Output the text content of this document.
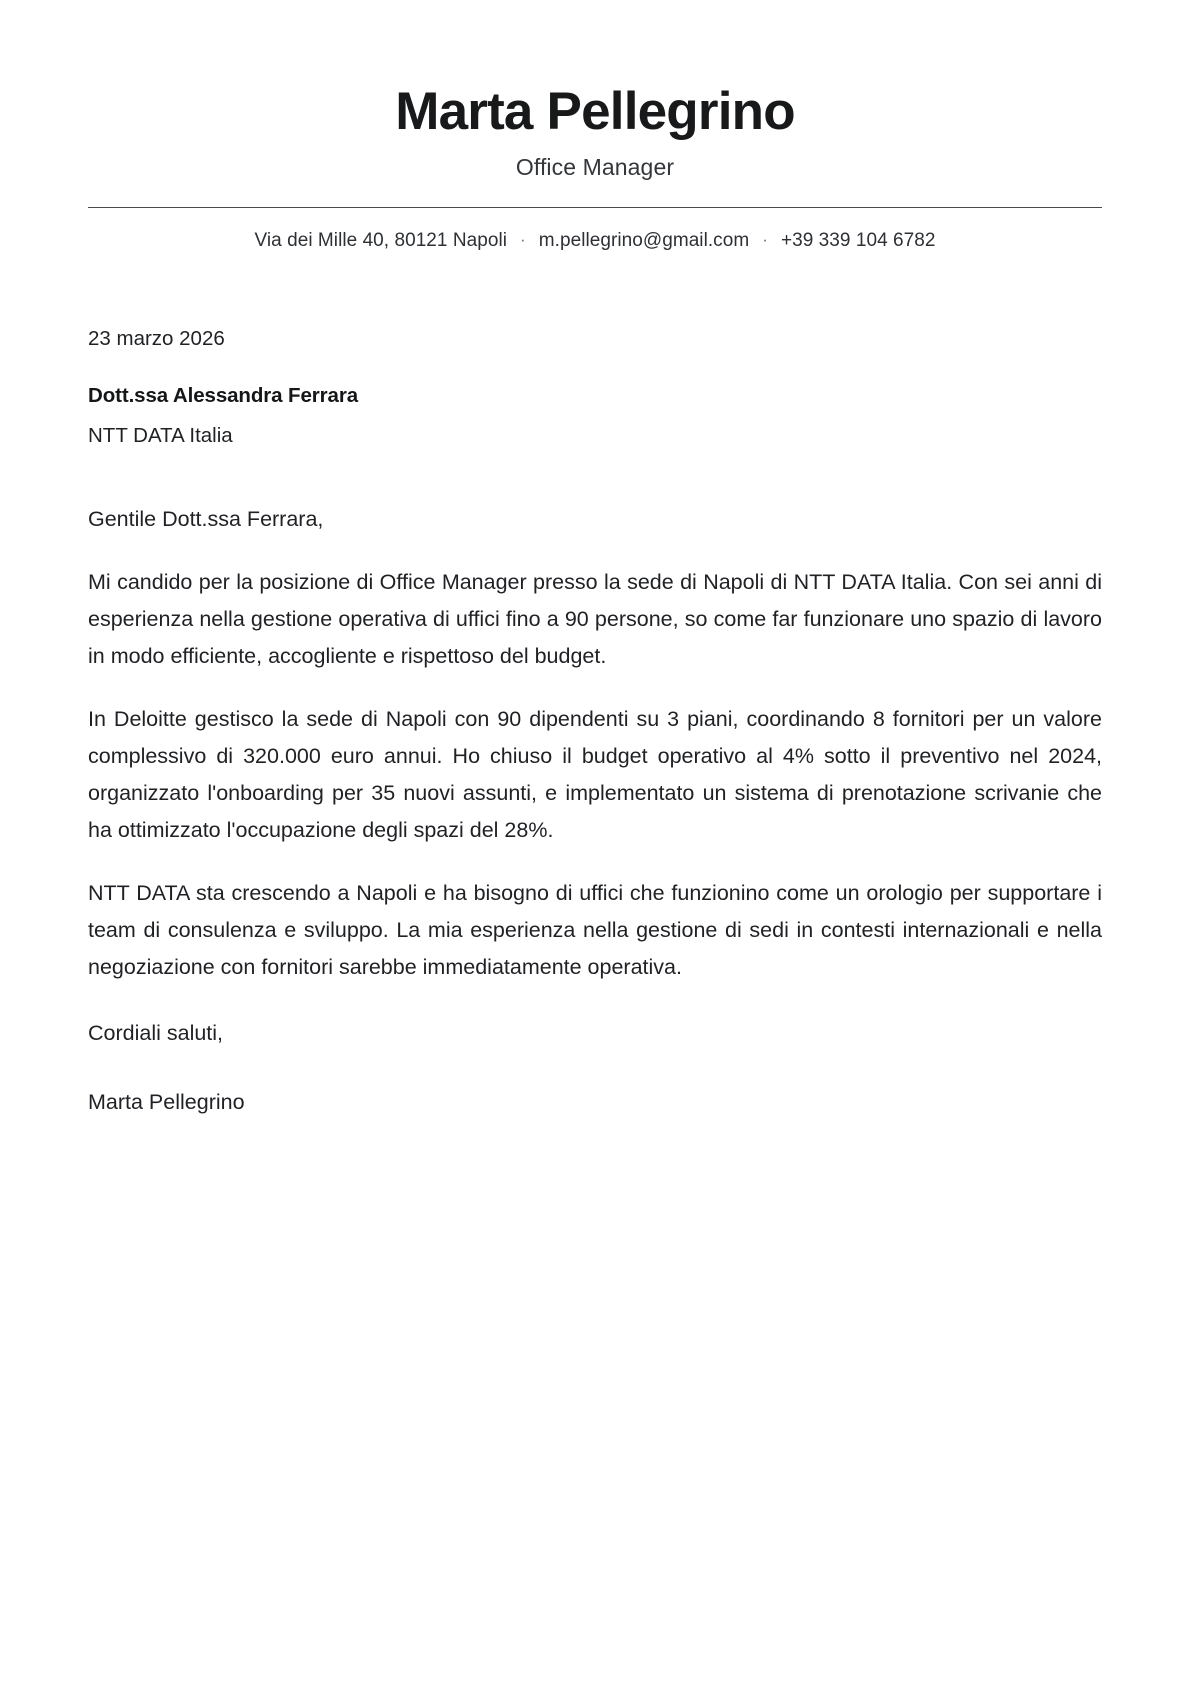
Marta Pellegrino
Office Manager
Via dei Mille 40, 80121 Napoli · m.pellegrino@gmail.com · +39 339 104 6782
23 marzo 2026
Dott.ssa Alessandra Ferrara
NTT DATA Italia

Gentile Dott.ssa Ferrara,

Mi candido per la posizione di Office Manager presso la sede di Napoli di NTT DATA Italia. Con sei anni di esperienza nella gestione operativa di uffici fino a 90 persone, so come far funzionare uno spazio di lavoro in modo efficiente, accogliente e rispettoso del budget.

In Deloitte gestisco la sede di Napoli con 90 dipendenti su 3 piani, coordinando 8 fornitori per un valore complessivo di 320.000 euro annui. Ho chiuso il budget operativo al 4% sotto il preventivo nel 2024, organizzato l'onboarding per 35 nuovi assunti, e implementato un sistema di prenotazione scrivanie che ha ottimizzato l'occupazione degli spazi del 28%.

NTT DATA sta crescendo a Napoli e ha bisogno di uffici che funzionino come un orologio per supportare i team di consulenza e sviluppo. La mia esperienza nella gestione di sedi in contesti internazionali e nella negoziazione con fornitori sarebbe immediatamente operativa.

Cordiali saluti,

Marta Pellegrino
